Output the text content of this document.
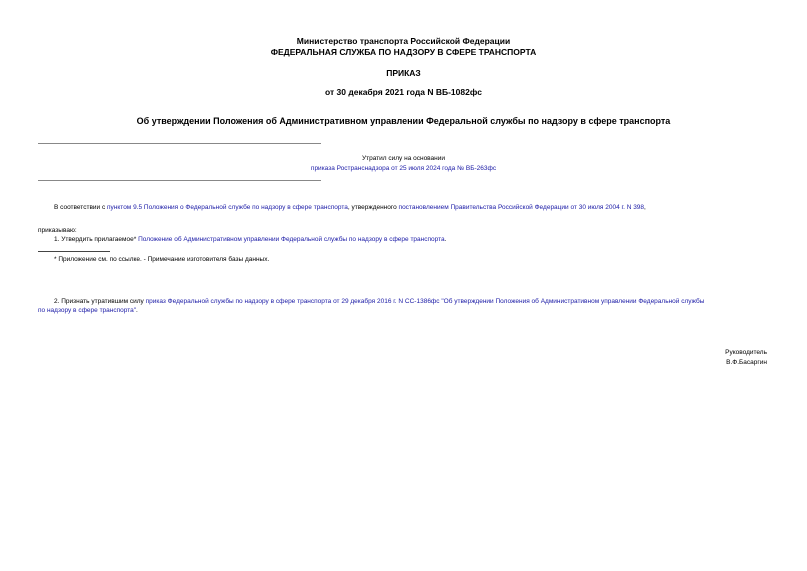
Министерство транспорта Российской Федерации
ФЕДЕРАЛЬНАЯ СЛУЖБА ПО НАДЗОРУ В СФЕРЕ ТРАНСПОРТА
ПРИКАЗ
от 30 декабря 2021 года N ВБ-1082фс
Об утверждении Положения об Административном управлении Федеральной службы по надзору в сфере транспорта
Утратил силу на основании
приказа Ространснадзора от 25 июля 2024 года № ВБ-263фс
В соответствии с пунктом 9.5 Положения о Федеральной службе по надзору в сфере транспорта, утвержденного постановлением Правительства Российской Федерации от 30 июля 2004 г. N 398,
приказываю:
1. Утвердить прилагаемое* Положение об Административном управлении Федеральной службы по надзору в сфере транспорта.
* Приложение см. по ссылке. - Примечание изготовителя базы данных.
2. Признать утратившим силу приказ Федеральной службы по надзору в сфере транспорта от 29 декабря 2016 г. N СС-1386фс "Об утверждении Положения об Административном управлении Федеральной службы
по надзору в сфере транспорта".
Руководитель
В.Ф.Басаргин
